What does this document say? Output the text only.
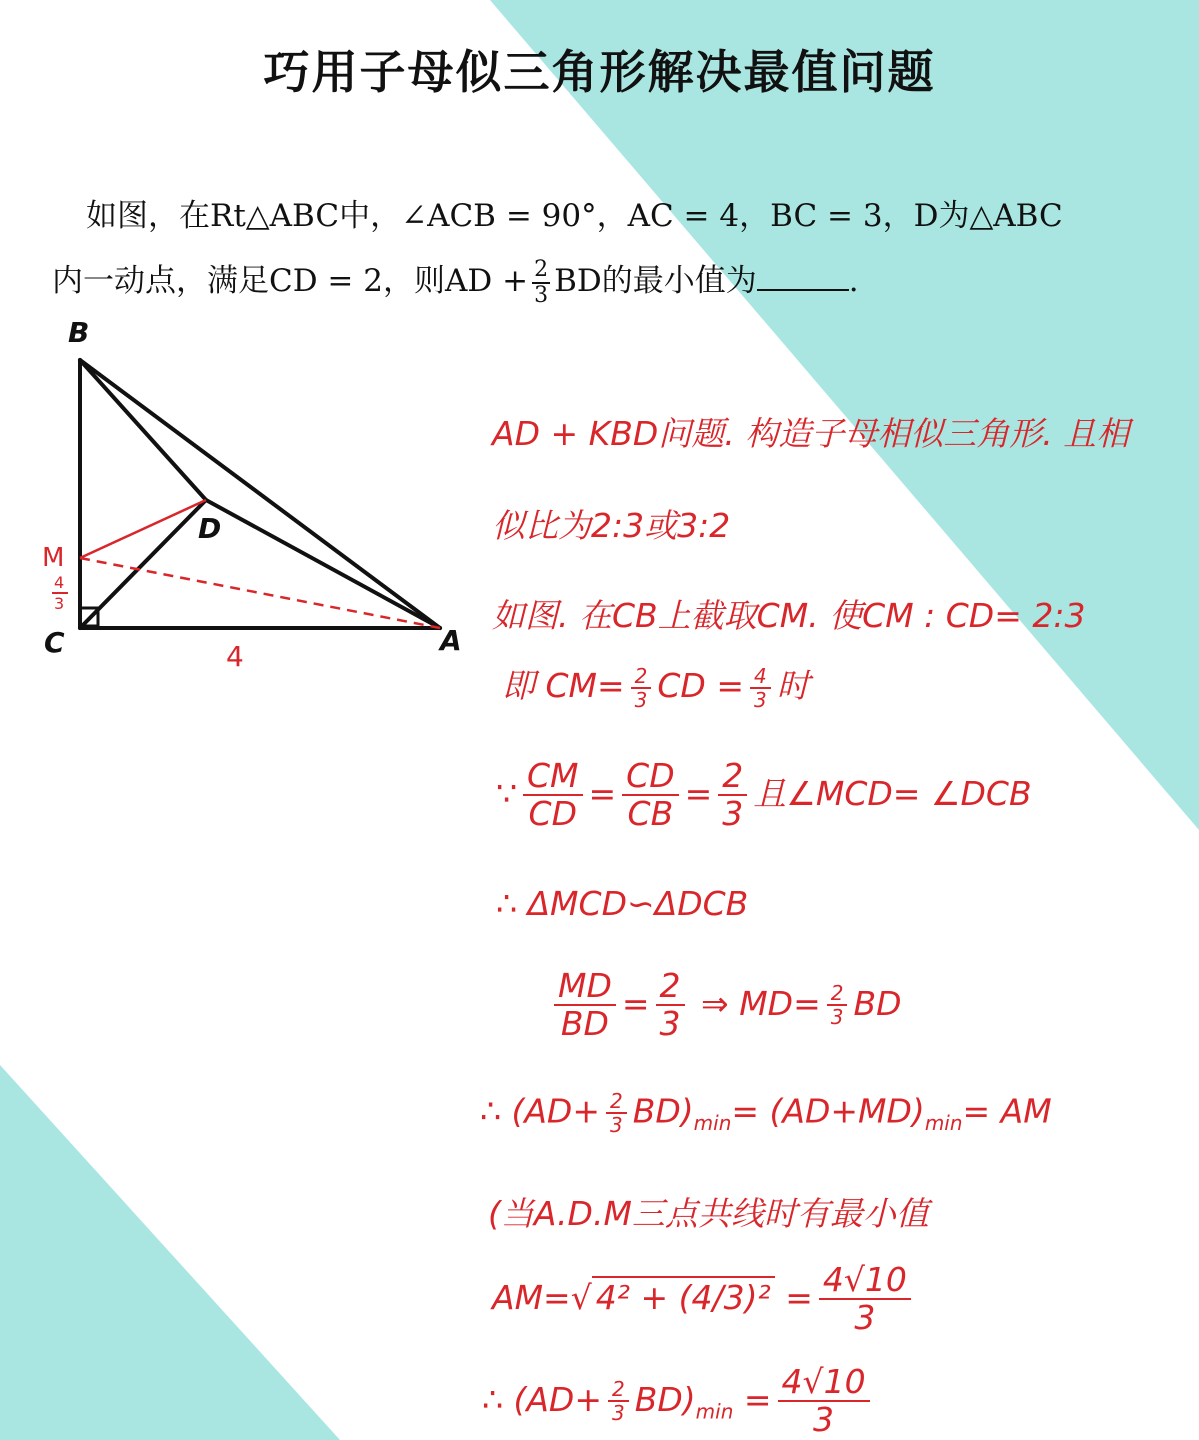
巧用子母似三角形解决最值问题
如图，在Rt△ABC中，∠ACB = 90°，AC = 4，BC = 3，D为△ABC
内一动点，满足CD = 2，则AD + $\frac{2}{3}$ BD的最小值为	.
B
D
C	A
M
4
3
4
AD + KBD问题. 构造子母相似三角形. 且相
似比为2:3或3:2
如图. 在CB上截取CM. 使CM : CD= 2:3
即 $CM= \frac{2}{3}$ CD = $\frac{4}{3}$ 时
∵ $\frac{CM}{CD} = \frac{CD}{CB} = \frac{2}{3}$ 且∠MCD= ∠DCB
∴ ΔMCD∽ΔDCB
$\frac{MD}{BD} = \frac{2}{3}$ ⇒ $MD= \frac{2}{3}$ BD
∴ $(AD+ \frac{2}{3} BD)_{min}= (AD+MD)_{min}=$ AM
(当A.D.M三点共线时有最小值
AM=√ $4^2 + (4/3)^2 = \frac{4√10}{3}$
∴ $(AD+ \frac{2}{3} BD)_{min} = \frac{4√10}{3}$
